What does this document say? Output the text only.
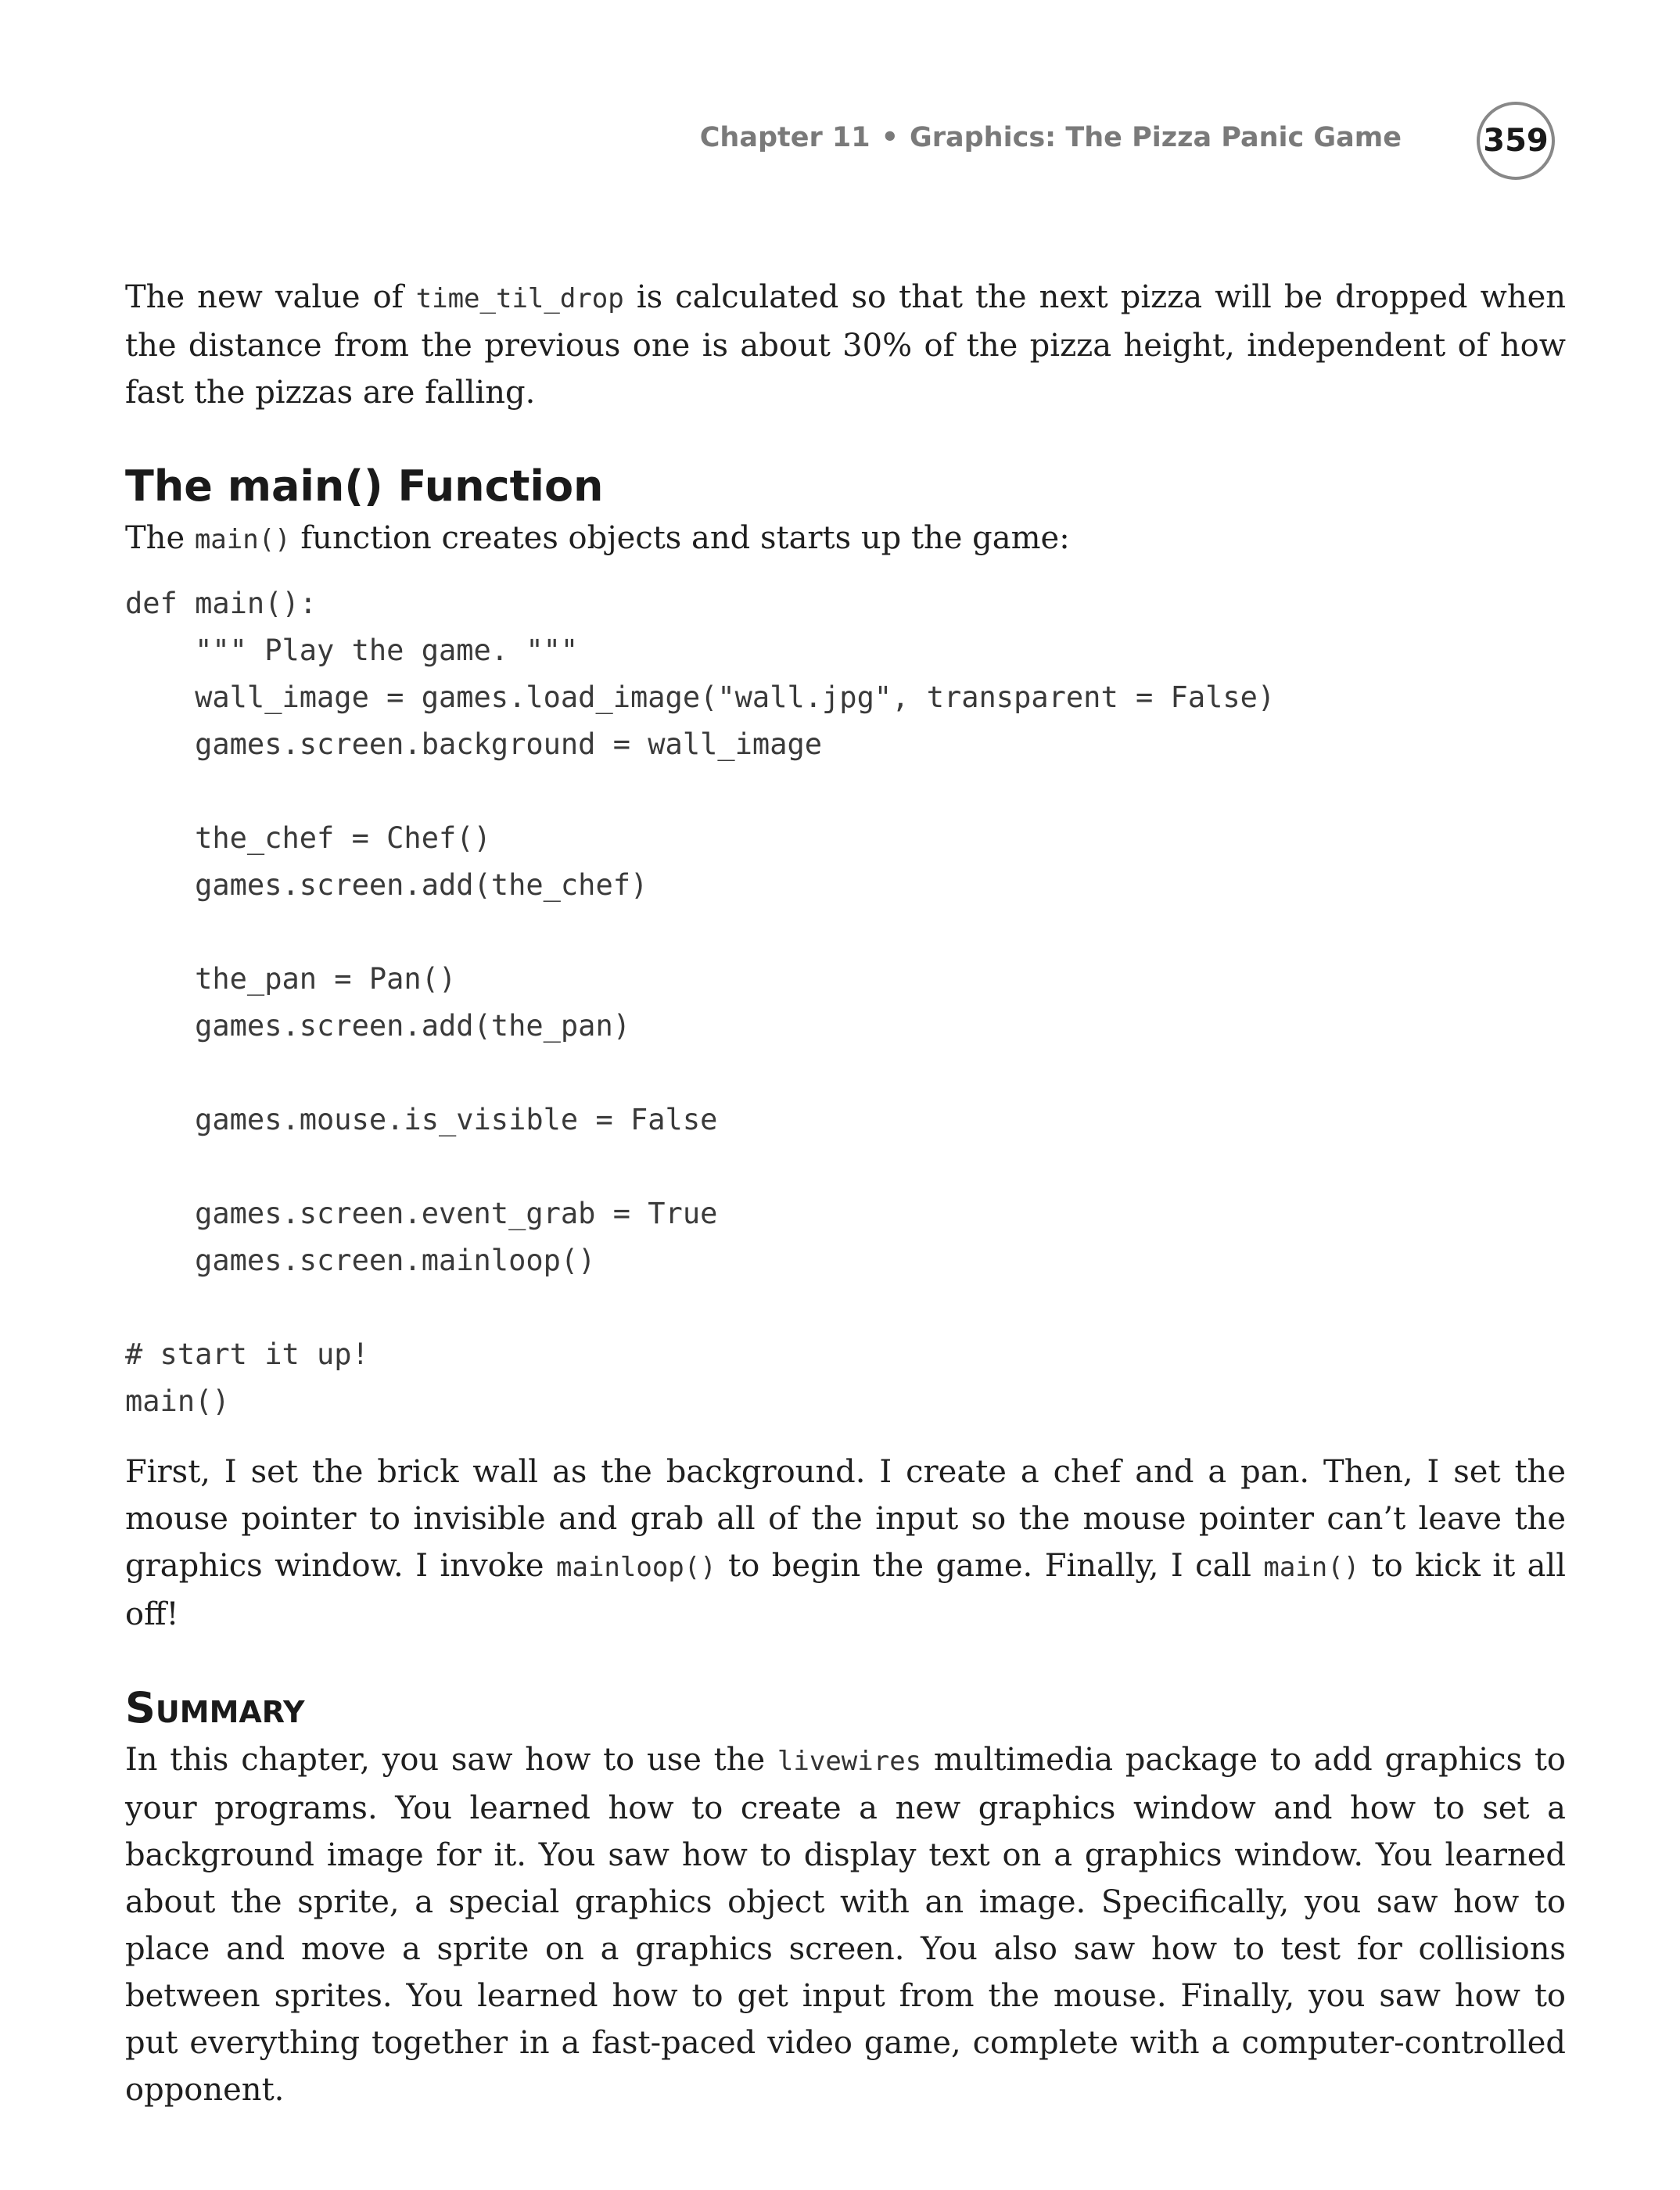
Chapter 11 • Graphics: The Pizza Panic Game	359

The new value of time_til_drop is calculated so that the next pizza will be dropped when the distance from the previous one is about 30% of the pizza height, independent of how fast the pizzas are falling.

The main() Function

The main() function creates objects and starts up the game:

def main():
""" Play the game. """
wall_image = games.load_image("wall.jpg", transparent = False)
games.screen.background = wall_image
the_chef = Chef()
games.screen.add(the_chef)
the_pan = Pan()
games.screen.add(the_pan)
games.mouse.is_visible = False
games.screen.event_grab = True
games.screen.mainloop()
# start it up!
main()

First, I set the brick wall as the background. I create a chef and a pan. Then, I set the mouse pointer to invisible and grab all of the input so the mouse pointer can’t leave the graphics window. I invoke mainloop() to begin the game. Finally, I call main() to kick it all off!

Summary

In this chapter, you saw how to use the livewires multimedia package to add graphics to your programs. You learned how to create a new graphics window and how to set a background image for it. You saw how to display text on a graphics window. You learned about the sprite, a special graphics object with an image. Specifically, you saw how to place and move a sprite on a graphics screen. You also saw how to test for collisions between sprites. You learned how to get input from the mouse. Finally, you saw how to put everything together in a fast-paced video game, complete with a computer-controlled opponent.
